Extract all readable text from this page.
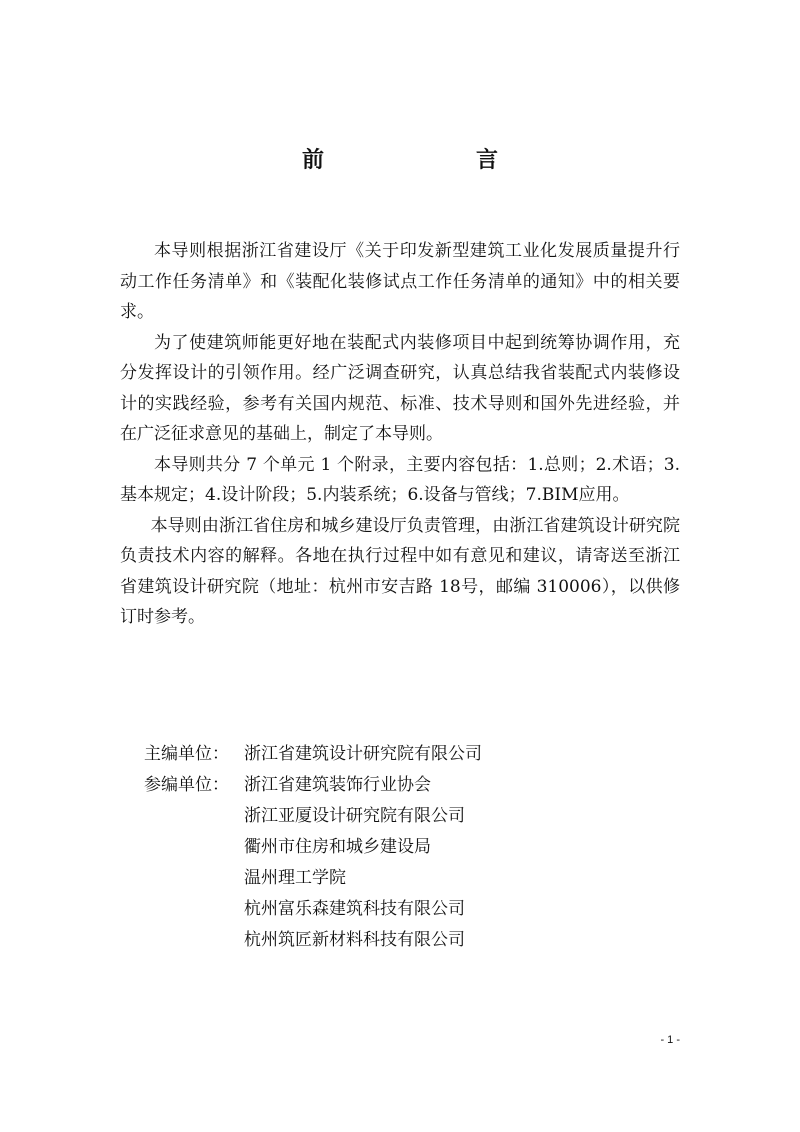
前　　言

本导则根据浙江省建设厅《关于印发新型建筑工业化发展质量提升行动工作任务清单》和《装配化装修试点工作任务清单的通知》中的相关要求。

为了使建筑师能更好地在装配式内装修项目中起到统筹协调作用，充分发挥设计的引领作用。经广泛调查研究，认真总结我省装配式内装修设计的实践经验，参考有关国内规范、标准、技术导则和国外先进经验，并在广泛征求意见的基础上，制定了本导则。

本导则共分 7 个单元 1 个附录，主要内容包括：1.总则；2.术语；3.基本规定；4.设计阶段；5.内装系统；6.设备与管线；7.BIM应用。

本导则由浙江省住房和城乡建设厅负责管理，由浙江省建筑设计研究院负责技术内容的解释。各地在执行过程中如有意见和建议，请寄送至浙江省建筑设计研究院（地址：杭州市安吉路 18号，邮编 310006），以供修订时参考。

主编单位： 浙江省建筑设计研究院有限公司
参编单位： 浙江省建筑装饰行业协会
浙江亚厦设计研究院有限公司
衢州市住房和城乡建设局
温州理工学院
杭州富乐森建筑科技有限公司
杭州筑匠新材料科技有限公司
- 1 -
